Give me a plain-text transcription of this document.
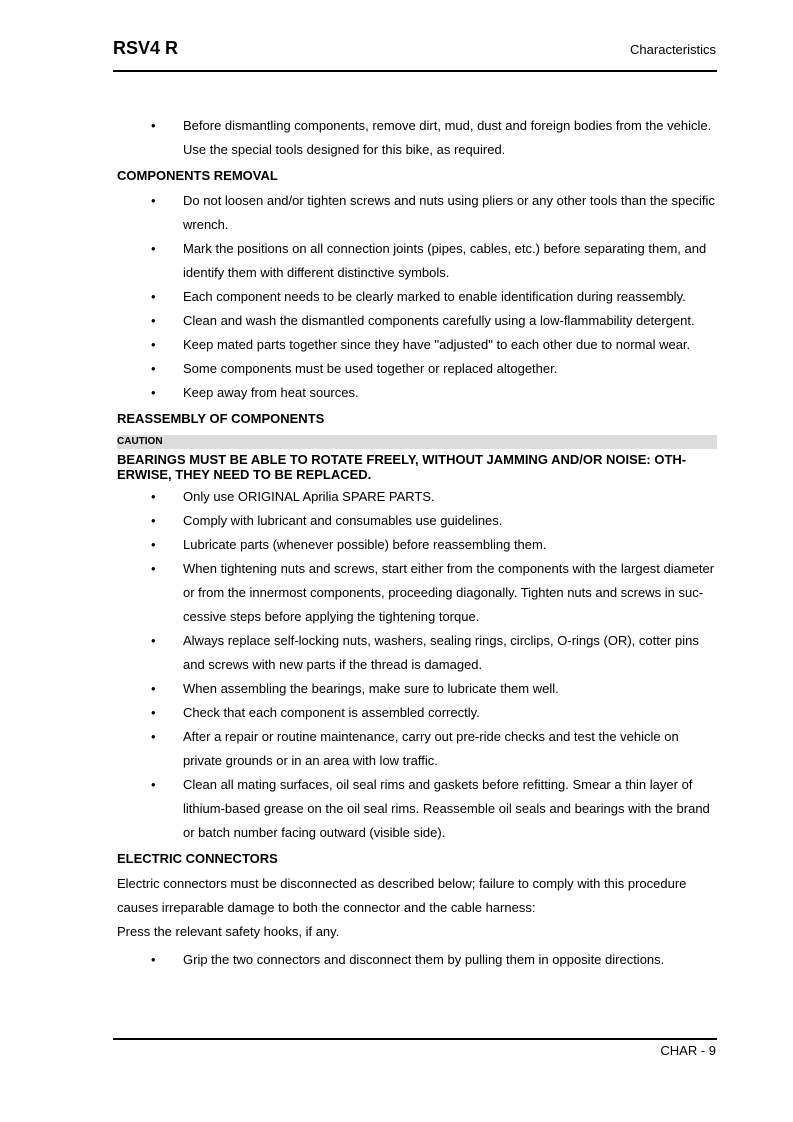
RSV4 R	Characteristics
• Before dismantling components, remove dirt, mud, dust and foreign bodies from the vehicle. Use the special tools designed for this bike, as required.
COMPONENTS REMOVAL
• Do not loosen and/or tighten screws and nuts using pliers or any other tools than the specific wrench.
• Mark the positions on all connection joints (pipes, cables, etc.) before separating them, and identify them with different distinctive symbols.
• Each component needs to be clearly marked to enable identification during reassembly.
• Clean and wash the dismantled components carefully using a low-flammability detergent.
• Keep mated parts together since they have "adjusted" to each other due to normal wear.
• Some components must be used together or replaced altogether.
• Keep away from heat sources.
REASSEMBLY OF COMPONENTS
CAUTION
BEARINGS MUST BE ABLE TO ROTATE FREELY, WITHOUT JAMMING AND/OR NOISE: OTH-ERWISE, THEY NEED TO BE REPLACED.
• Only use ORIGINAL Aprilia SPARE PARTS.
• Comply with lubricant and consumables use guidelines.
• Lubricate parts (whenever possible) before reassembling them.
• When tightening nuts and screws, start either from the components with the largest diameter or from the innermost components, proceeding diagonally. Tighten nuts and screws in suc-cessive steps before applying the tightening torque.
• Always replace self-locking nuts, washers, sealing rings, circlips, O-rings (OR), cotter pins and screws with new parts if the thread is damaged.
• When assembling the bearings, make sure to lubricate them well.
• Check that each component is assembled correctly.
• After a repair or routine maintenance, carry out pre-ride checks and test the vehicle on private grounds or in an area with low traffic.
• Clean all mating surfaces, oil seal rims and gaskets before refitting. Smear a thin layer of lithium-based grease on the oil seal rims. Reassemble oil seals and bearings with the brand or batch number facing outward (visible side).
ELECTRIC CONNECTORS
Electric connectors must be disconnected as described below; failure to comply with this procedure causes irreparable damage to both the connector and the cable harness:
Press the relevant safety hooks, if any.
• Grip the two connectors and disconnect them by pulling them in opposite directions.
CHAR - 9
